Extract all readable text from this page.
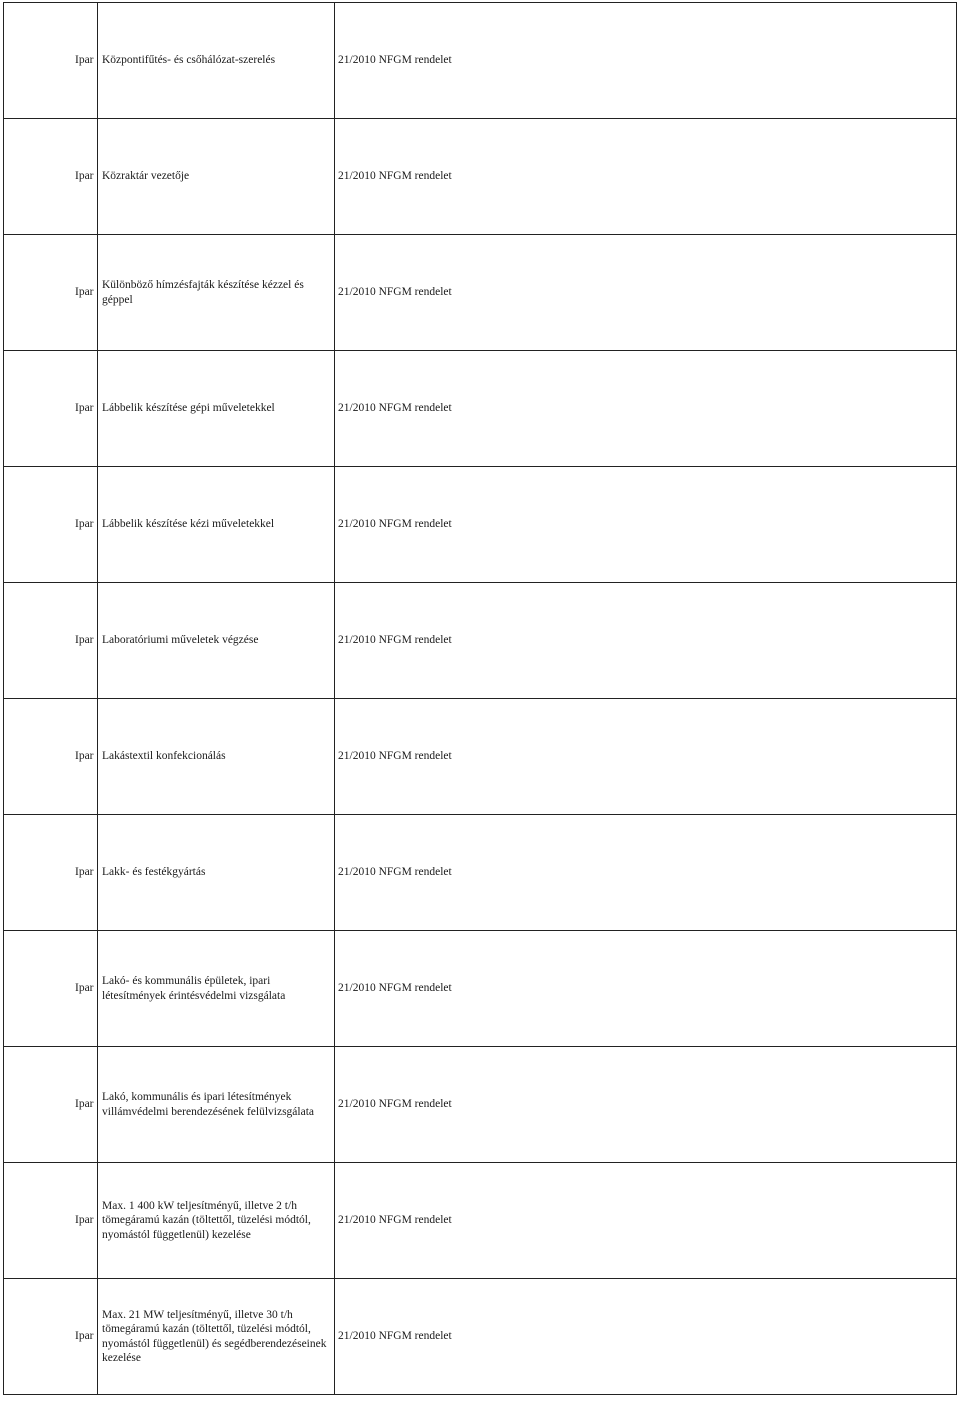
Ipar	Központifűtés- és csőhálózat-szerelés	21/2010 NFGM rendelet

Ipar	Közraktár vezetője	21/2010 NFGM rendelet

Ipar	Különböző hímzésfajták készítése kézzel és
géppel	21/2010 NFGM rendelet

Ipar	Lábbelik készítése gépi műveletekkel	21/2010 NFGM rendelet

Ipar	Lábbelik készítése kézi műveletekkel	21/2010 NFGM rendelet

Ipar	Laboratóriumi műveletek végzése	21/2010 NFGM rendelet

Ipar	Lakástextil konfekcionálás	21/2010 NFGM rendelet

Ipar	Lakk- és festékgyártás	21/2010 NFGM rendelet

Ipar	Lakó- és kommunális épületek, ipari
létesítmények érintésvédelmi vizsgálata	21/2010 NFGM rendelet

Ipar	Lakó, kommunális és ipari létesítmények
villámvédelmi berendezésének felülvizsgálata	21/2010 NFGM rendelet

Ipar	Max. 1 400 kW teljesítményű, illetve 2 t/h
tömegáramú kazán (töltettől, tüzelési módtól,
nyomástól függetlenül) kezelése	21/2010 NFGM rendelet

Ipar	Max. 21 MW teljesítményű, illetve 30 t/h
tömegáramú kazán (töltettől, tüzelési módtól,
nyomástól függetlenül) és segédberendezéseinek
kezelése	21/2010 NFGM rendelet
